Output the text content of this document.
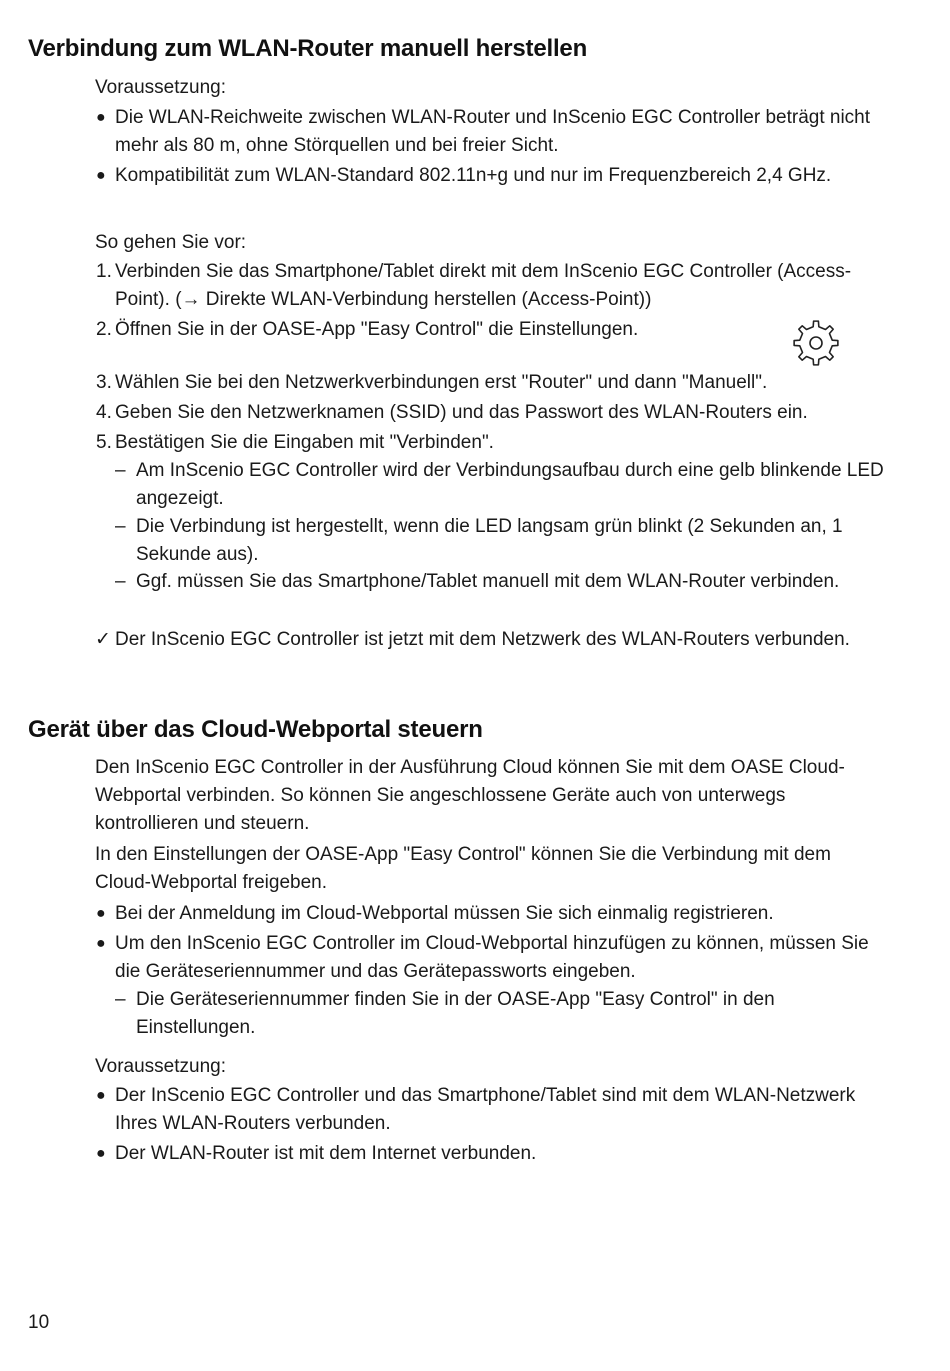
Verbindung zum WLAN-Router manuell herstellen

Voraussetzung:

● Die WLAN-Reichweite zwischen WLAN-Router und InScenio EGC Controller beträgt nicht mehr als 80 m, ohne Störquellen und bei freier Sicht.
● Kompatibilität zum WLAN-Standard 802.11n+g und nur im Frequenzbereich 2,4 GHz.

So gehen Sie vor:

1. Verbinden Sie das Smartphone/Tablet direkt mit dem InScenio EGC Controller (Access-Point). (→ Direkte WLAN-Verbindung herstellen (Access-Point))
2. Öffnen Sie in der OASE-App "Easy Control" die Einstellungen.
3. Wählen Sie bei den Netzwerkverbindungen erst "Router" und dann "Manuell".
4. Geben Sie den Netzwerknamen (SSID) und das Passwort des WLAN-Routers ein.
5. Bestätigen Sie die Eingaben mit "Verbinden".
– Am InScenio EGC Controller wird der Verbindungsaufbau durch eine gelb blinkende LED angezeigt.
– Die Verbindung ist hergestellt, wenn die LED langsam grün blinkt (2 Sekunden an, 1 Sekunde aus).
– Ggf. müssen Sie das Smartphone/Tablet manuell mit dem WLAN-Router verbinden.
✓ Der InScenio EGC Controller ist jetzt mit dem Netzwerk des WLAN-Routers verbunden.
Gerät über das Cloud-Webportal steuern

Den InScenio EGC Controller in der Ausführung Cloud können Sie mit dem OASE Cloud-Webportal verbinden. So können Sie angeschlossene Geräte auch von unterwegs kontrollieren und steuern.

In den Einstellungen der OASE-App "Easy Control" können Sie die Verbindung mit dem Cloud-Webportal freigeben.

● Bei der Anmeldung im Cloud-Webportal müssen Sie sich einmalig registrieren.
● Um den InScenio EGC Controller im Cloud-Webportal hinzufügen zu können, müssen Sie die Geräteseriennummer und das Gerätepassworts eingeben.
– Die Geräteseriennummer finden Sie in der OASE-App "Easy Control" in den Einstellungen.

Voraussetzung:

● Der InScenio EGC Controller und das Smartphone/Tablet sind mit dem WLAN-Netzwerk Ihres WLAN-Routers verbunden.
● Der WLAN-Router ist mit dem Internet verbunden.
10
